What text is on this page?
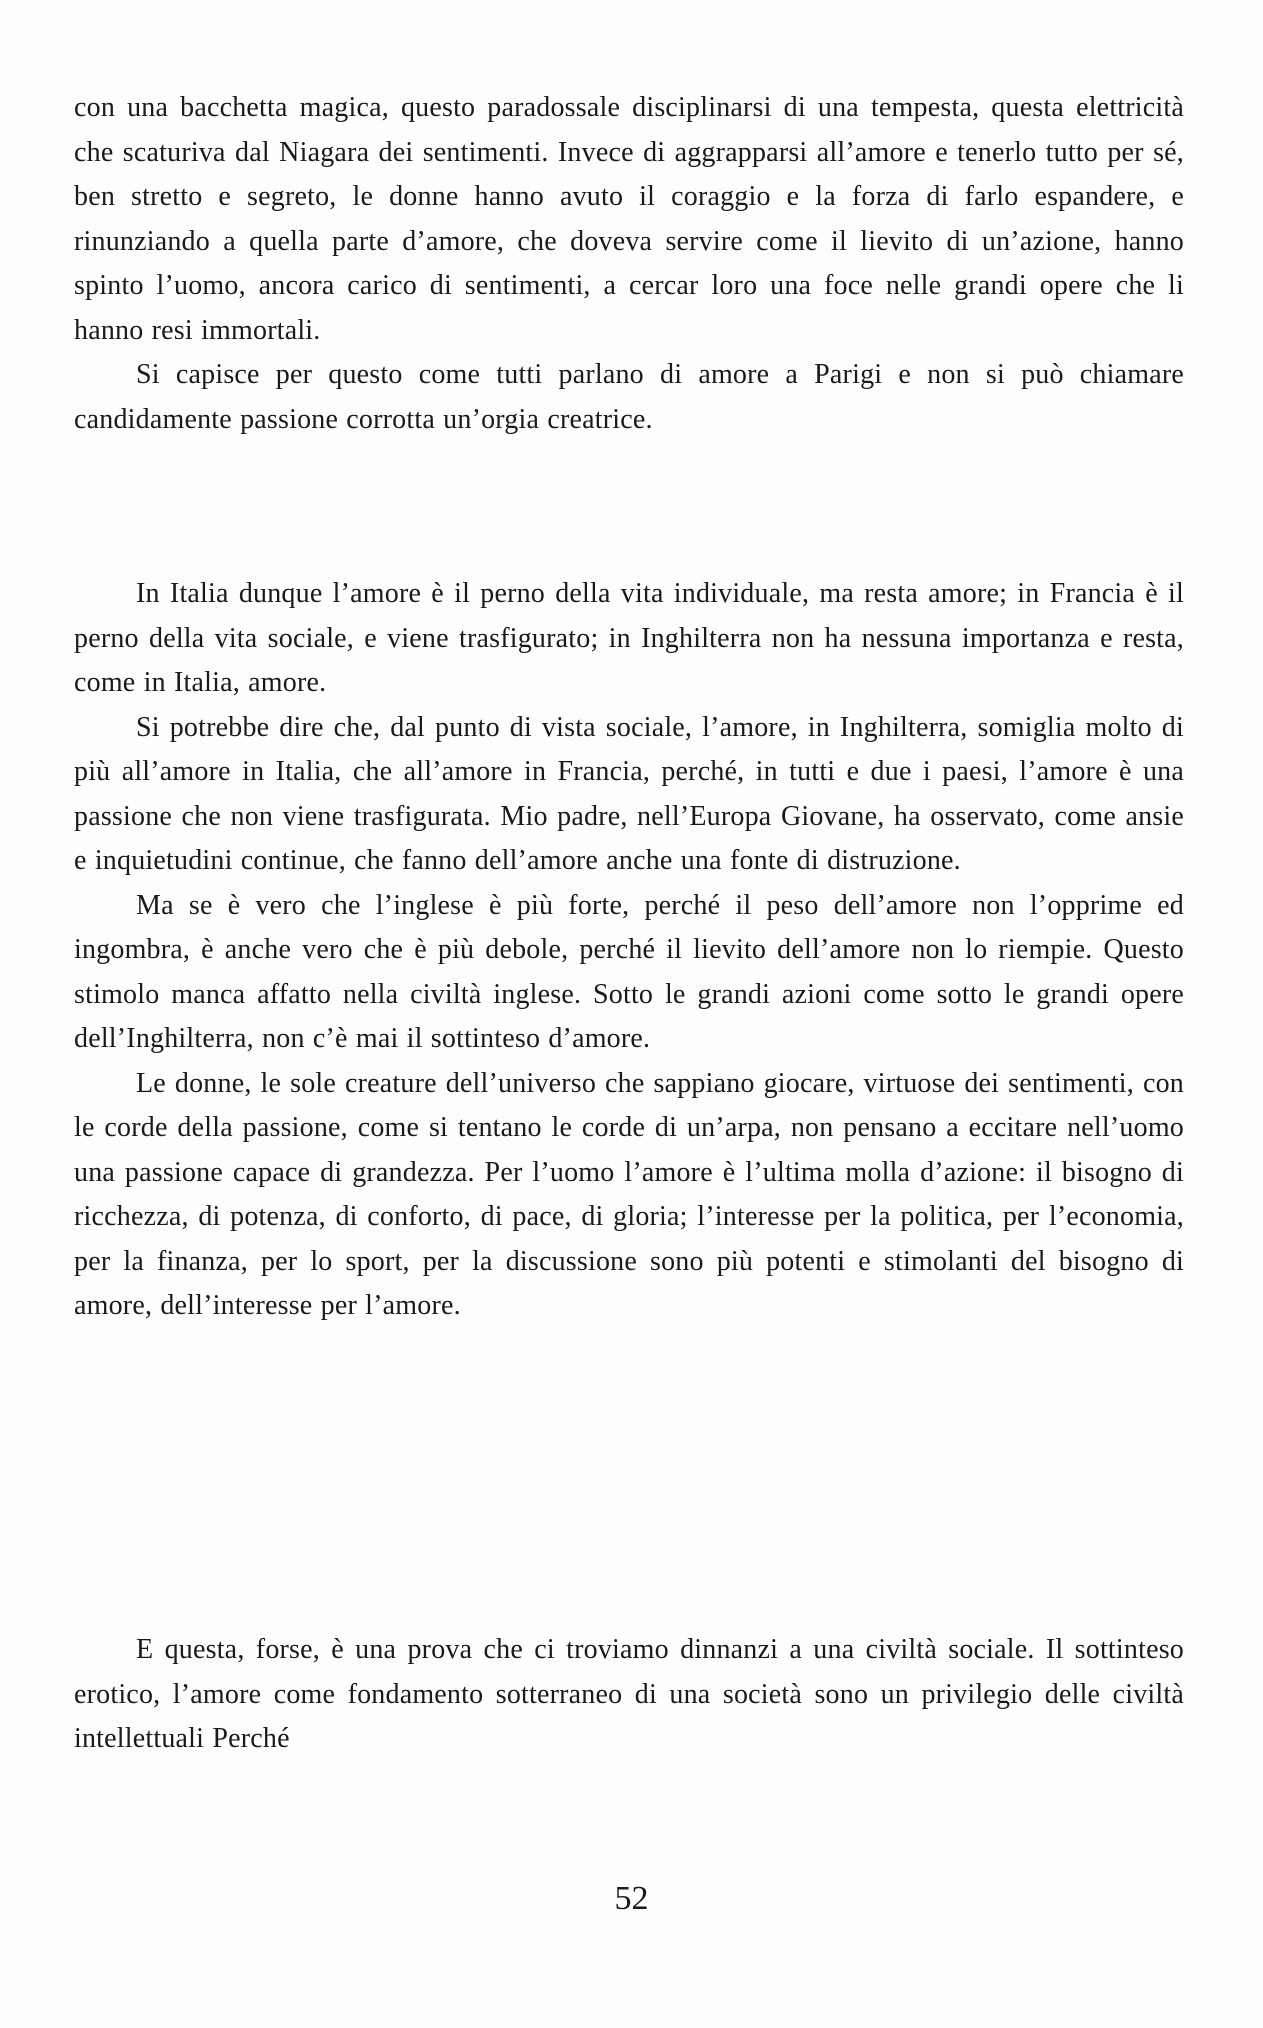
con una bacchetta magica, questo paradossale disciplinarsi di una tempesta, questa elettricità che scaturiva dal Niagara dei sentimenti. Invece di aggrapparsi all’amore e tenerlo tutto per sé, ben stretto e segreto, le donne hanno avuto il coraggio e la forza di farlo espandere, e rinunziando a quella parte d’amore, che doveva servire come il lievito di un’azione, hanno spinto l’uomo, ancora carico di sentimenti, a cercar loro una foce nelle grandi opere che li hanno resi immortali.

Si capisce per questo come tutti parlano di amore a Parigi e non si può chiamare candidamente passione corrotta un’orgia creatrice.

In Italia dunque l’amore è il perno della vita individuale, ma resta amore; in Francia è il perno della vita sociale, e viene trasfigurato; in Inghilterra non ha nessuna importanza e resta, come in Italia, amore.

Si potrebbe dire che, dal punto di vista sociale, l’amore, in Inghilterra, somiglia molto di più all’amore in Italia, che all’amore in Francia, perché, in tutti e due i paesi, l’amore è una passione che non viene trasfigurata. Mio padre, nell’Europa Giovane, ha osservato, come ansie e inquietudini continue, che fanno dell’amore anche una fonte di distruzione.

Ma se è vero che l’inglese è più forte, perché il peso dell’amore non l’opprime ed ingombra, è anche vero che è più debole, perché il lievito dell’amore non lo riempie. Questo stimolo manca affatto nella civiltà inglese. Sotto le grandi azioni come sotto le grandi opere dell’Inghilterra, non c’è mai il sottinteso d’amore.

Le donne, le sole creature dell’universo che sappiano giocare, virtuose dei sentimenti, con le corde della passione, come si tentano le corde di un’arpa, non pensano a eccitare nell’uomo una passione capace di grandezza. Per l’uomo l’amore è l’ultima molla d’azione: il bisogno di ricchezza, di potenza, di conforto, di pace, di gloria; l’interesse per la politica, per l’economia, per la finanza, per lo sport, per la discussione sono più potenti e stimolanti del bisogno di amore, dell’interesse per l’amore.

E questa, forse, è una prova che ci troviamo dinnanzi a una civiltà sociale. Il sottinteso erotico, l’amore come fondamento sotterraneo di una società sono un privilegio delle civiltà intellettuali Perché

52
